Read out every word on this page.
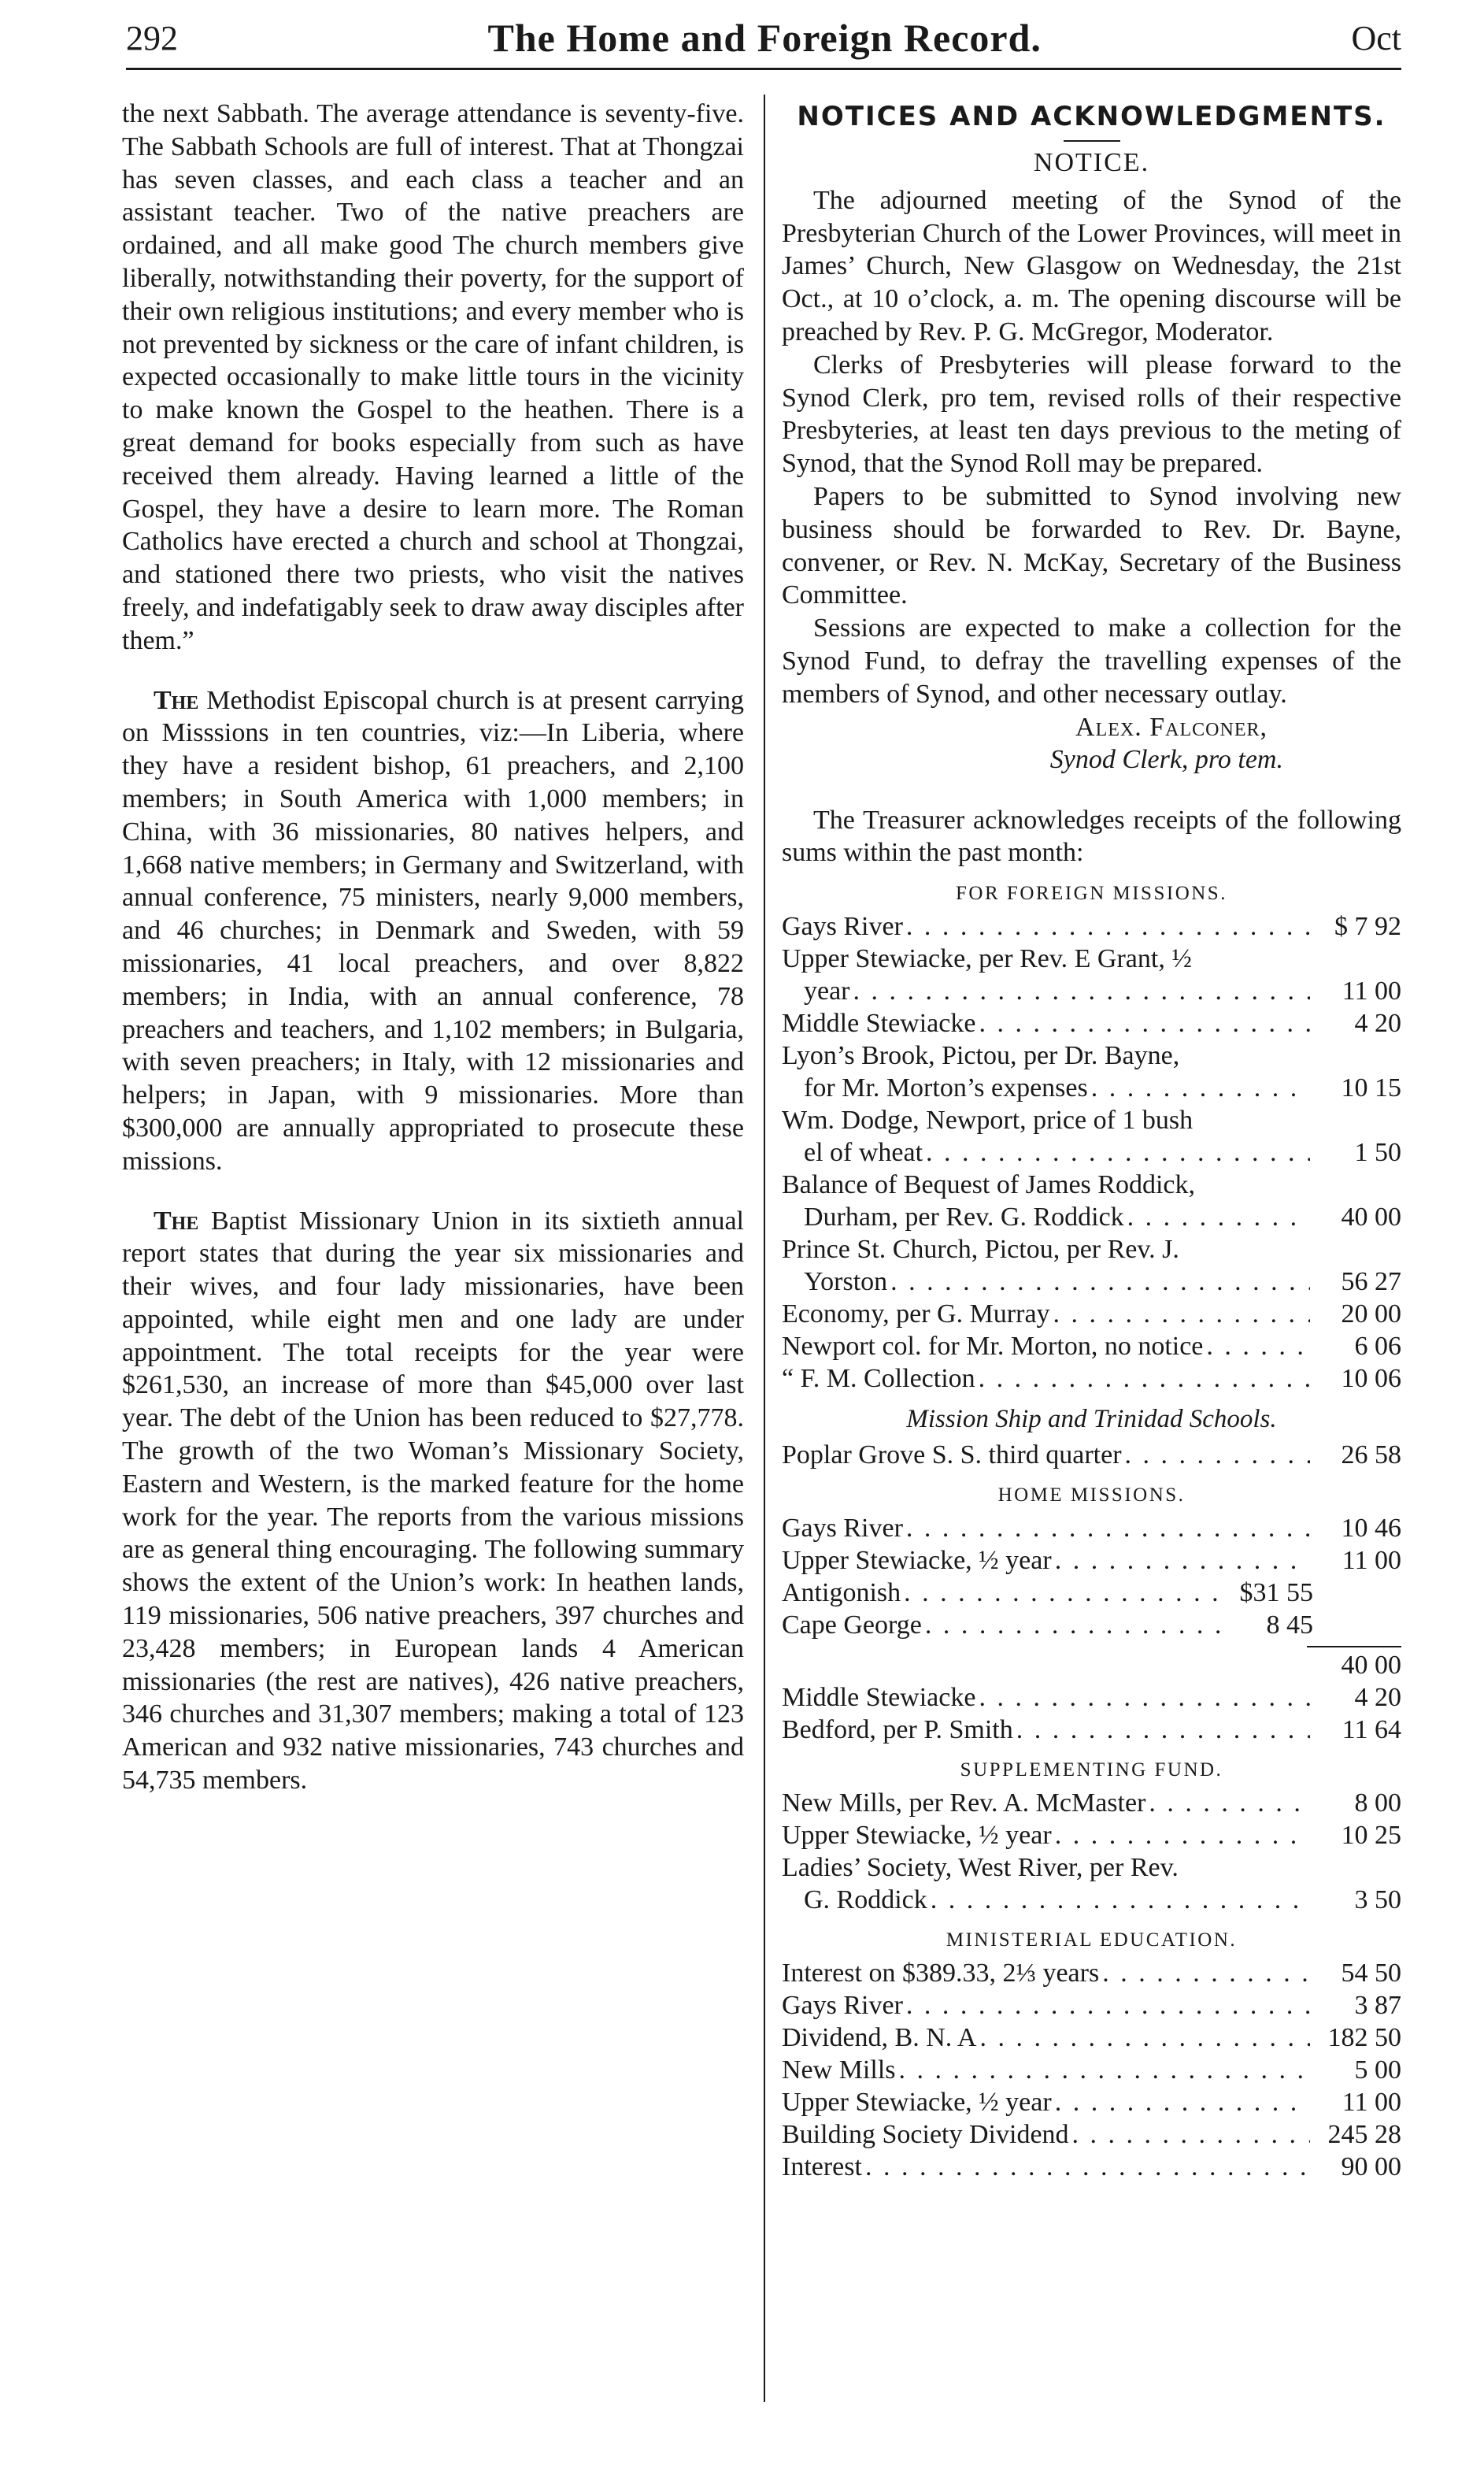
292	The Home and Foreign Record.	Oct

the next Sabbath. The average attendance is seventy-five. The Sabbath Schools are full of interest. That at Thongzai has seven classes, and each class a teacher and an assistant teacher. Two of the native preachers are ordained, and all make good The church members give liberally, notwithstanding their poverty, for the support of their own religious institutions; and every member who is not prevented by sickness or the care of infant children, is expected occasionally to make little tours in the vicinity to make known the Gospel to the heathen. There is a great demand for books especially from such as have received them already. Having learned a little of the Gospel, they have a desire to learn more. The Roman Catholics have erected a church and school at Thongzai, and stationed there two priests, who visit the natives freely, and indefatigably seek to draw away disciples after them.”

The Methodist Episcopal church is at present carrying on Misssions in ten countries, viz:—In Liberia, where they have a resident bishop, 61 preachers, and 2,100 members; in South America with 1,000 members; in China, with 36 missionaries, 80 natives helpers, and 1,668 native members; in Germany and Switzerland, with annual conference, 75 ministers, nearly 9,000 members, and 46 churches; in Denmark and Sweden, with 59 missionaries, 41 local preachers, and over 8,822 members; in India, with an annual conference, 78 preachers and teachers, and 1,102 members; in Bulgaria, with seven preachers; in Italy, with 12 missionaries and helpers; in Japan, with 9 missionaries. More than $300,000 are annually appropriated to prosecute these missions.

The Baptist Missionary Union in its sixtieth annual report states that during the year six missionaries and their wives, and four lady missionaries, have been appointed, while eight men and one lady are under appointment. The total receipts for the year were $261,530, an increase of more than $45,000 over last year. The debt of the Union has been reduced to $27,778. The growth of the two Woman’s Missionary Society, Eastern and Western, is the marked feature for the home work for the year. The reports from the various missions are as general thing encouraging. The following summary shows the extent of the Union’s work: In heathen lands, 119 missionaries, 506 native preachers, 397 churches and 23,428 members; in European lands 4 American missionaries (the rest are natives), 426 native preachers, 346 churches and 31,307 members; making a total of 123 American and 932 native missionaries, 743 churches and 54,735 members.

NOTICES AND ACKNOWLEDGMENTS.
NOTICE.

The adjourned meeting of the Synod of the Presbyterian Church of the Lower Provinces, will meet in James’ Church, New Glasgow on Wednesday, the 21st Oct., at 10 o’clock, a. m. The opening discourse will be preached by Rev. P. G. McGregor, Moderator.

Clerks of Presbyteries will please forward to the Synod Clerk, pro tem, revised rolls of their respective Presbyteries, at least ten days previous to the meting of Synod, that the Synod Roll may be prepared.

Papers to be submitted to Synod involving new business should be forwarded to Rev. Dr. Bayne, convener, or Rev. N. McKay, Secretary of the Business Committee.

Sessions are expected to make a collection for the Synod Fund, to defray the travelling expenses of the members of Synod, and other necessary outlay.

Alex. Falconer,
Synod Clerk, pro tem.

The Treasurer acknowledges receipts of the following sums within the past month:

FOR FOREIGN MISSIONS.
Gays River . . .	$ 7 92
Upper Stewiacke, per Rev. E Grant, ½
year . . .	11 00
Middle Stewiacke . . .	4 20
Lyon’s Brook, Pictou, per Dr. Bayne,
for Mr. Morton’s expenses . . .	10 15
Wm. Dodge, Newport, price of 1 bush
el of wheat . . .	1 50
Balance of Bequest of James Roddick,
Durham, per Rev. G. Roddick . . .	40 00
Prince St. Church, Pictou, per Rev. J.
Yorston . . .	56 27
Economy, per G. Murray . . .	20 00
Newport col. for Mr. Morton, no notice . . .	6 06
“ F. M. Collection . . .	10 06
Mission Ship and Trinidad Schools.
Poplar Grove S. S. third quarter . . .	26 58
HOME MISSIONS.
Gays River . . .	10 46
Upper Stewiacke, ½ year . . .	11 00
Antigonish . . .	$31 55
Cape George . . .	8 45
40 00
Middle Stewiacke . . .	4 20
Bedford, per P. Smith . . .	11 64
SUPPLEMENTING FUND.
New Mills, per Rev. A. McMaster . . .	8 00
Upper Stewiacke, ½ year . . .	10 25
Ladies’ Society, West River, per Rev.
G. Roddick . . .	3 50
MINISTERIAL EDUCATION.
Interest on $389.33, 2⅓ years . . .	54 50
Gays River . . .	3 87
Dividend, B. N. A . . .	182 50
New Mills . . .	5 00
Upper Stewiacke, ½ year . . .	11 00
Building Society Dividend . . .	245 28
Interest . . .	90 00
